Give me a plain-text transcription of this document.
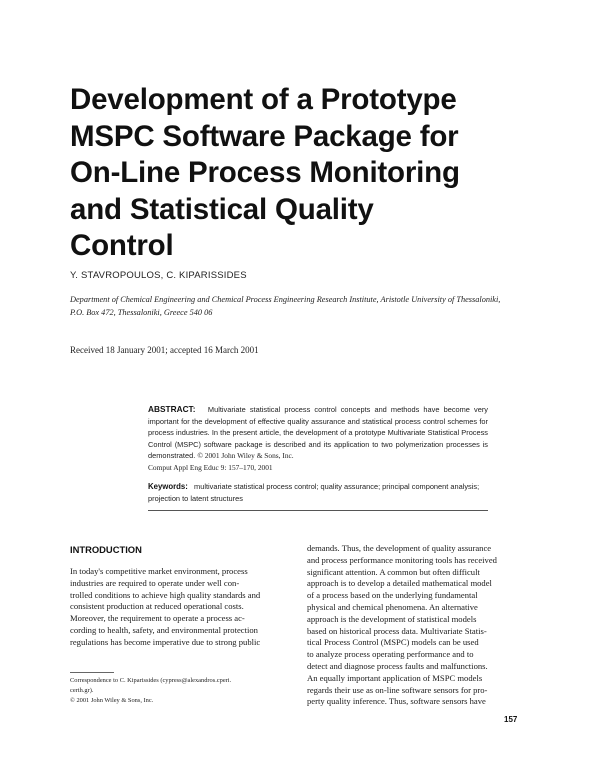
Development of a Prototype
MSPC Software Package for
On-Line Process Monitoring
and Statistical Quality
Control
Y. STAVROPOULOS, C. KIPARISSIDES
Department of Chemical Engineering and Chemical Process Engineering Research Institute, Aristotle University of Thessaloniki,
P.O. Box 472, Thessaloniki, Greece 540 06
Received 18 January 2001; accepted 16 March 2001
ABSTRACT: Multivariate statistical process control concepts and methods have become very important for the development of effective quality assurance and statistical process control schemes for process industries. In the present article, the development of a prototype Multivariate Statistical Process Control (MSPC) software package is described and its application to two polymerization processes is demonstrated. © 2001 John Wiley & Sons, Inc.
Comput Appl Eng Educ 9: 157–170, 2001
Keywords: multivariate statistical process control; quality assurance; principal component analysis; projection to latent structures
INTRODUCTION
In today's competitive market environment, process
industries are required to operate under well con-
trolled conditions to achieve high quality standards and
consistent production at reduced operational costs.
Moreover, the requirement to operate a process ac-
cording to health, safety, and environmental protection
regulations has become imperative due to strong public
demands. Thus, the development of quality assurance
and process performance monitoring tools has received
significant attention. A common but often difficult
approach is to develop a detailed mathematical model
of a process based on the underlying fundamental
physical and chemical phenomena. An alternative
approach is the development of statistical models
based on historical process data. Multivariate Statis-
tical Process Control (MSPC) models can be used
to analyze process operating performance and to
detect and diagnose process faults and malfunctions.
An equally important application of MSPC models
regards their use as on-line software sensors for pro-
perty quality inference. Thus, software sensors have
Correspondence to C. Kiparissides (cypress@alexandros.cperi.
certh.gr).
© 2001 John Wiley & Sons, Inc.
157
